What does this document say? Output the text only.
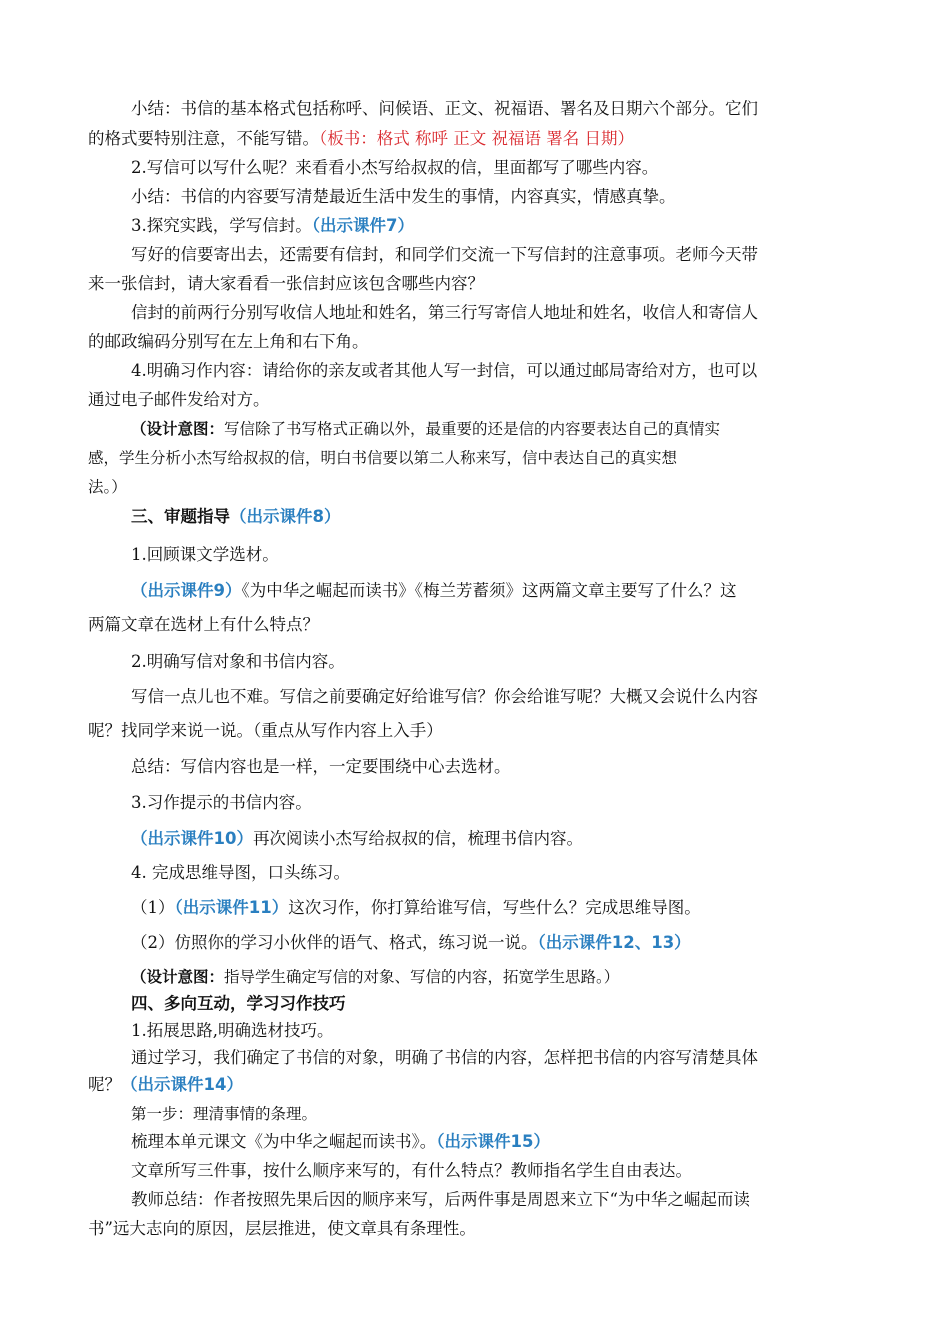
小结：书信的基本格式包括称呼、问候语、正文、祝福语、署名及日期六个部分。它们
的格式要特别注意，不能写错。（板书：格式 称呼 正文 祝福语 署名 日期）
2.写信可以写什么呢？来看看小杰写给叔叔的信，里面都写了哪些内容。
小结：书信的内容要写清楚最近生活中发生的事情，内容真实，情感真挚。
3.探究实践，学写信封。（出示课件7）
写好的信要寄出去，还需要有信封，和同学们交流一下写信封的注意事项。老师今天带
来一张信封，请大家看看一张信封应该包含哪些内容？
信封的前两行分别写收信人地址和姓名，第三行写寄信人地址和姓名，收信人和寄信人
的邮政编码分别写在左上角和右下角。
4.明确习作内容：请给你的亲友或者其他人写一封信，可以通过邮局寄给对方，也可以
通过电子邮件发给对方。
（设计意图：写信除了书写格式正确以外，最重要的还是信的内容要表达自己的真情实
感，学生分析小杰写给叔叔的信，明白书信要以第二人称来写，信中表达自己的真实想
法。）
三、审题指导（出示课件8）
1.回顾课文学选材。
（出示课件9）《为中华之崛起而读书》《梅兰芳蓄须》这两篇文章主要写了什么？这
两篇文章在选材上有什么特点？
2.明确写信对象和书信内容。
写信一点儿也不难。写信之前要确定好给谁写信？你会给谁写呢？大概又会说什么内容
呢？找同学来说一说。（重点从写作内容上入手）
总结：写信内容也是一样，一定要围绕中心去选材。
3.习作提示的书信内容。
（出示课件10）再次阅读小杰写给叔叔的信，梳理书信内容。
4. 完成思维导图，口头练习。
（1）（出示课件11）这次习作，你打算给谁写信，写些什么？完成思维导图。
（2）仿照你的学习小伙伴的语气、格式，练习说一说。（出示课件12、13）
（设计意图：指导学生确定写信的对象、写信的内容，拓宽学生思路。）
四、多向互动，学习习作技巧
1.拓展思路,明确选材技巧。
通过学习，我们确定了书信的对象，明确了书信的内容，怎样把书信的内容写清楚具体
呢？（出示课件14）
第一步：理清事情的条理。
梳理本单元课文《为中华之崛起而读书》。（出示课件15）
文章所写三件事，按什么顺序来写的，有什么特点？教师指名学生自由表达。
教师总结：作者按照先果后因的顺序来写，后两件事是周恩来立下“为中华之崛起而读
书”远大志向的原因，层层推进，使文章具有条理性。
